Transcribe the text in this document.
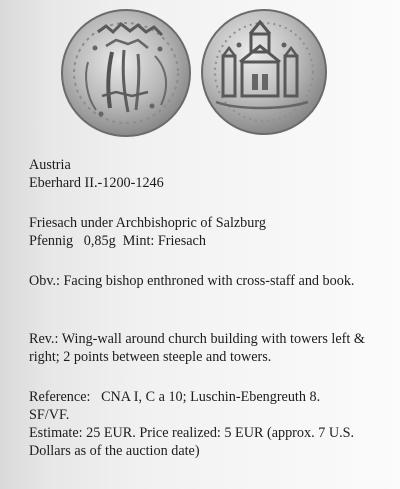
Austria

Eberhard II.-1200-1246

Friesach under Archbishopric of Salzburg

Pfennig   0,85g  Mint: Friesach

Obv.: Facing bishop enthroned with cross-staff and book.

Rev.: Wing-wall around church building with towers left & right; 2 points between steeple and towers.

Reference:   CNA I, C a 10; Luschin-Ebengreuth 8.

SF/VF.

Estimate: 25 EUR. Price realized: 5 EUR (approx. 7 U.S. Dollars as of the auction date)
